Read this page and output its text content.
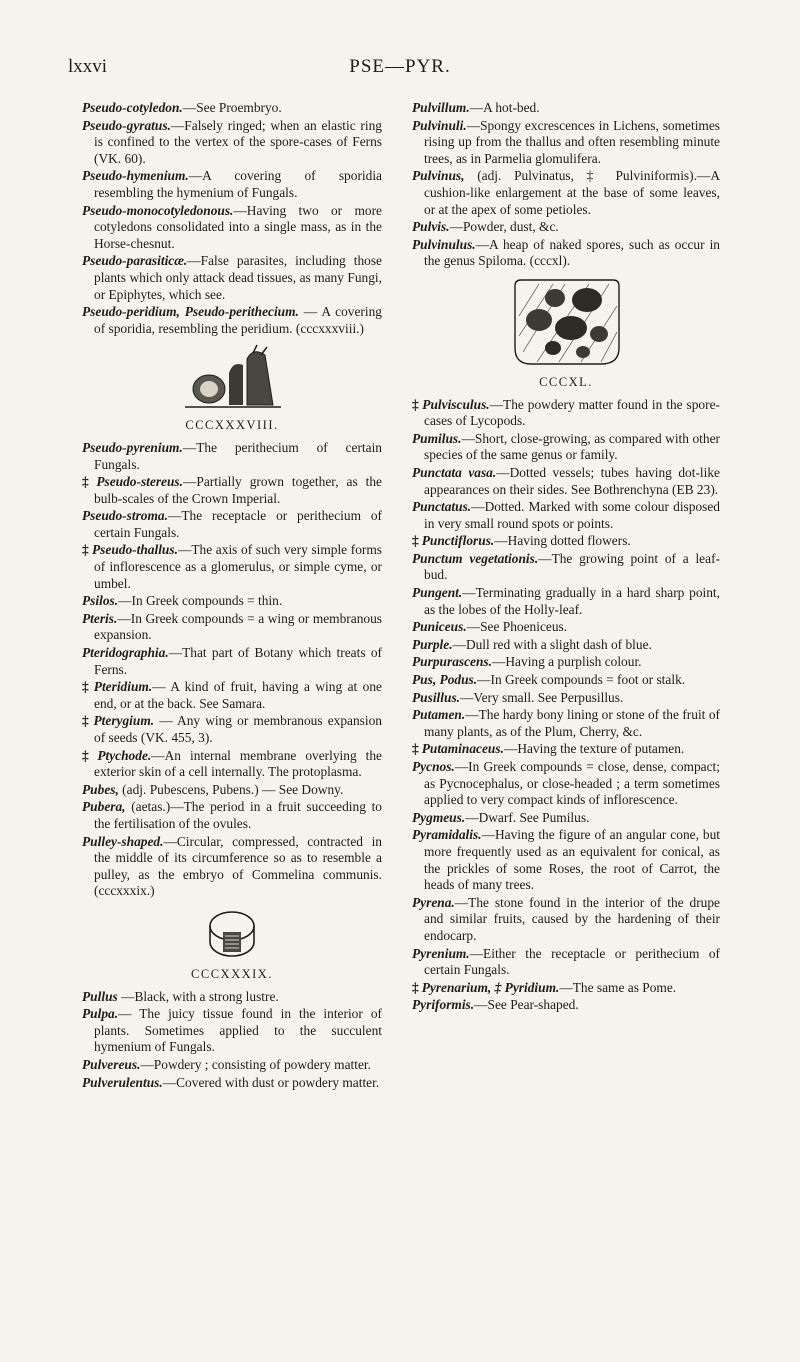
lxxvi	PSE—PYR.

Pseudo-cotyledon.—See Proembryo.

Pseudo-gyratus.—Falsely ringed; when an elastic ring is confined to the vertex of the spore-cases of Ferns (VK. 60).

Pseudo-hymenium.—A covering of sporidia resembling the hymenium of Fungals.

Pseudo-monocotyledonous.—Having two or more cotyledons consolidated into a single mass, as in the Horse-chesnut.

Pseudo-parasiticæ.—False parasites, including those plants which only attack dead tissues, as many Fungi, or Epiphytes, which see.

Pseudo-peridium, Pseudo-perithecium. — A covering of sporidia, resembling the peridium. (cccxxxviii.)

CCCXXXVIII.

Pseudo-pyrenium.—The perithecium of certain Fungals.

‡ Pseudo-stereus.—Partially grown together, as the bulb-scales of the Crown Imperial.

Pseudo-stroma.—The receptacle or perithecium of certain Fungals.

‡ Pseudo-thallus.—The axis of such very simple forms of inflorescence as a glomerulus, or simple cyme, or umbel.

Psilos.—In Greek compounds = thin.

Pteris.—In Greek compounds = a wing or membranous expansion.

Pteridographia.—That part of Botany which treats of Ferns.

‡ Pteridium.— A kind of fruit, having a wing at one end, or at the back. See Samara.

‡ Pterygium. — Any wing or membranous expansion of seeds (VK. 455, 3).

‡ Ptychode.—An internal membrane overlying the exterior skin of a cell internally. The protoplasma.

Pubes, (adj. Pubescens, Pubens.) — See Downy.

Pubera, (aetas.)—The period in a fruit succeeding to the fertilisation of the ovules.

Pulley-shaped.—Circular, compressed, contracted in the middle of its circumference so as to resemble a pulley, as the embryo of Commelina communis. (cccxxxix.)

CCCXXXIX.

Pullus —Black, with a strong lustre.

Pulpa.— The juicy tissue found in the interior of plants. Sometimes applied to the succulent hymenium of Fungals.

Pulvereus.—Powdery ; consisting of powdery matter.

Pulverulentus.—Covered with dust or powdery matter.

Pulvillum.—A hot-bed.

Pulvinuli.—Spongy excrescences in Lichens, sometimes rising up from the thallus and often resembling minute trees, as in Parmelia glomulifera.

Pulvinus, (adj. Pulvinatus, ‡ Pulviniformis).—A cushion-like enlargement at the base of some leaves, or at the apex of some petioles.

Pulvis.—Powder, dust, &c.

Pulvinulus.—A heap of naked spores, such as occur in the genus Spiloma. (cccxl).

CCCXL.

‡ Pulvisculus.—The powdery matter found in the spore-cases of Lycopods.

Pumilus.—Short, close-growing, as compared with other species of the same genus or family.

Punctata vasa.—Dotted vessels; tubes having dot-like appearances on their sides. See Bothrenchyna (EB 23).

Punctatus.—Dotted. Marked with some colour disposed in very small round spots or points.

‡ Punctiflorus.—Having dotted flowers.

Punctum vegetationis.—The growing point of a leaf-bud.

Pungent.—Terminating gradually in a hard sharp point, as the lobes of the Holly-leaf.

Puniceus.—See Phoeniceus.

Purple.—Dull red with a slight dash of blue.

Purpurascens.—Having a purplish colour.

Pus, Podus.—In Greek compounds = foot or stalk.

Pusillus.—Very small. See Perpusillus.

Putamen.—The hardy bony lining or stone of the fruit of many plants, as of the Plum, Cherry, &c.

‡ Putaminaceus.—Having the texture of putamen.

Pycnos.—In Greek compounds = close, dense, compact; as Pycnocephalus, or close-headed ; a term sometimes applied to very compact kinds of inflorescence.

Pygmeus.—Dwarf. See Pumilus.

Pyramidalis.—Having the figure of an angular cone, but more frequently used as an equivalent for conical, as the prickles of some Roses, the root of Carrot, the heads of many trees.

Pyrena.—The stone found in the interior of the drupe and similar fruits, caused by the hardening of their endocarp.

Pyrenium.—Either the receptacle or perithecium of certain Fungals.

‡ Pyrenarium, ‡ Pyridium.—The same as Pome.

Pyriformis.—See Pear-shaped.
